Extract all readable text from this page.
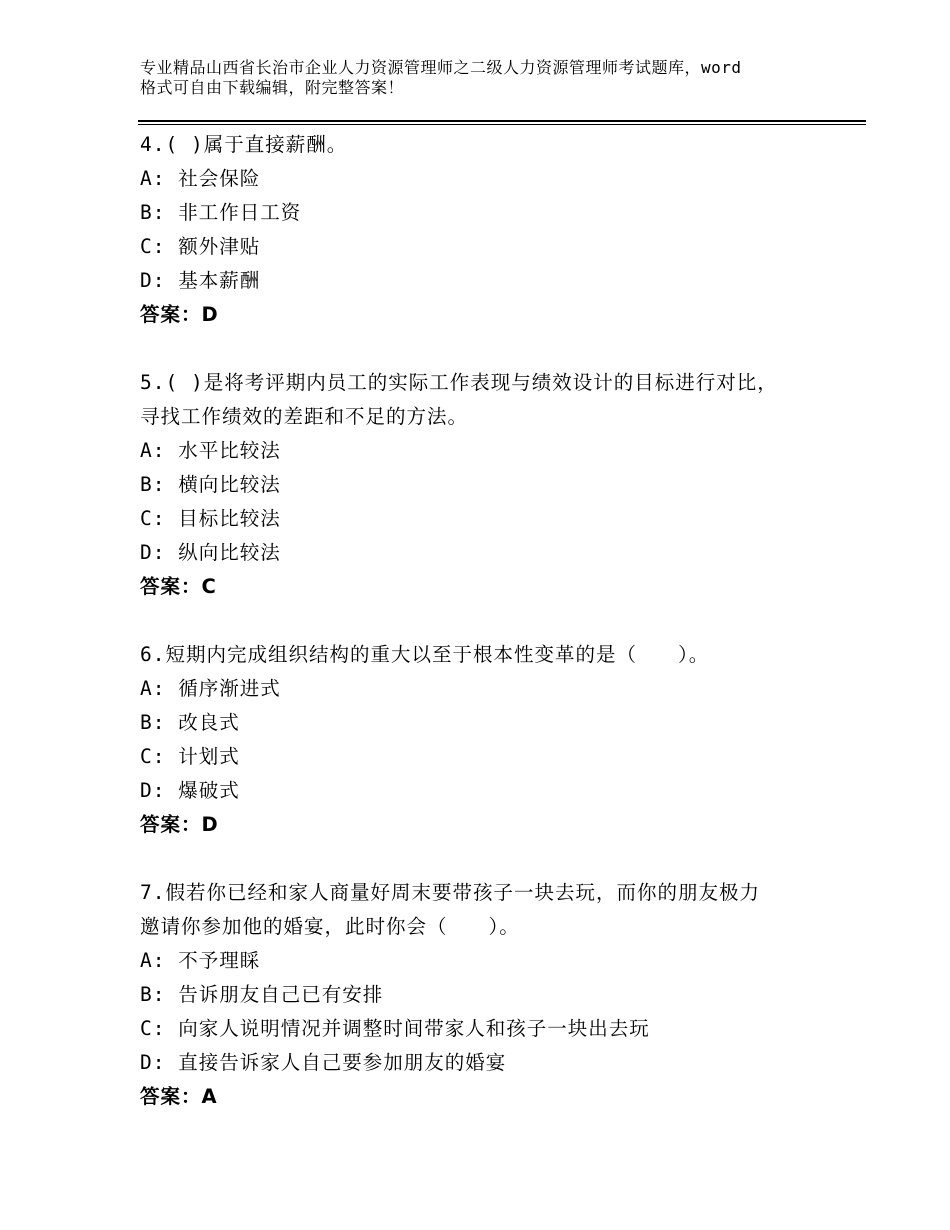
专业精品山西省长治市企业人力资源管理师之二级人力资源管理师考试题库，word
格式可自由下载编辑，附完整答案！
4.( )属于直接薪酬。
A: 社会保险
B: 非工作日工资
C: 额外津贴
D: 基本薪酬
答案：D
5.( )是将考评期内员工的实际工作表现与绩效设计的目标进行对比，
寻找工作绩效的差距和不足的方法。
A: 水平比较法
B: 横向比较法
C: 目标比较法
D: 纵向比较法
答案：C
6.短期内完成组织结构的重大以至于根本性变革的是（　　）。
A: 循序渐进式
B: 改良式
C: 计划式
D: 爆破式
答案：D
7.假若你已经和家人商量好周末要带孩子一块去玩，而你的朋友极力
邀请你参加他的婚宴，此时你会（　　）。
A: 不予理睬
B: 告诉朋友自己已有安排
C: 向家人说明情况并调整时间带家人和孩子一块出去玩
D: 直接告诉家人自己要参加朋友的婚宴
答案：A
